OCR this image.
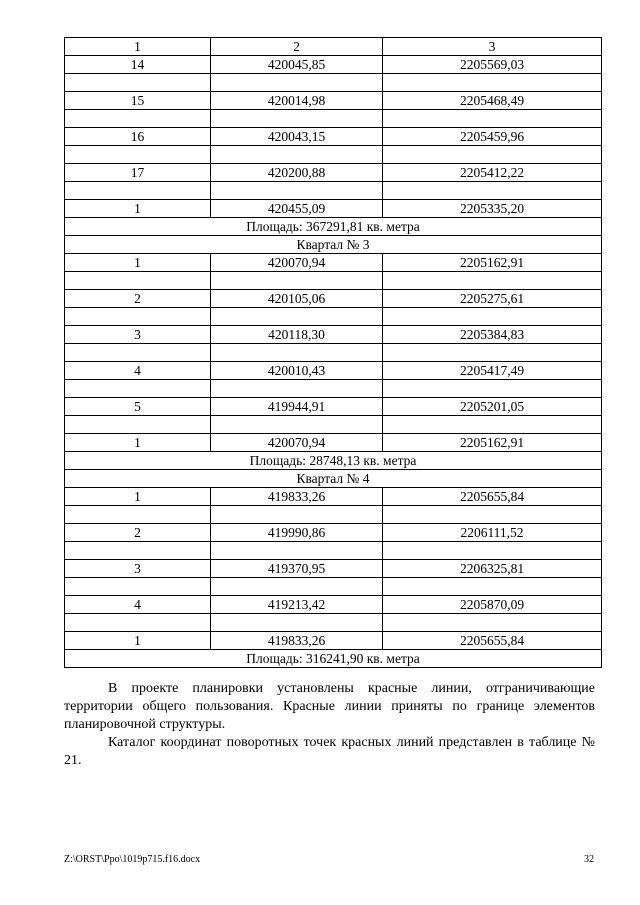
1	2	3
14	420045,85	2205569,03

15	420014,98	2205468,49

16	420043,15	2205459,96

17	420200,88	2205412,22

1	420455,09	2205335,20
Площадь: 367291,81 кв. метра		
Квартал № 3		
1	420070,94	2205162,91

2	420105,06	2205275,61

3	420118,30	2205384,83

4	420010,43	2205417,49

5	419944,91	2205201,05

1	420070,94	2205162,91
Площадь: 28748,13 кв. метра		
Квартал № 4		
1	419833,26	2205655,84

2	419990,86	2206111,52

3	419370,95	2206325,81

4	419213,42	2205870,09

1	419833,26	2205655,84
Площадь: 316241,90 кв. метра		

В проекте планировки установлены красные линии, отграничивающие территории общего пользования. Красные линии приняты по границе элементов планировочной структуры.

Каталог координат поворотных точек красных линий представлен в таблице № 21.

Z:\ORST\Ppo\1019p715.f16.docx	32
